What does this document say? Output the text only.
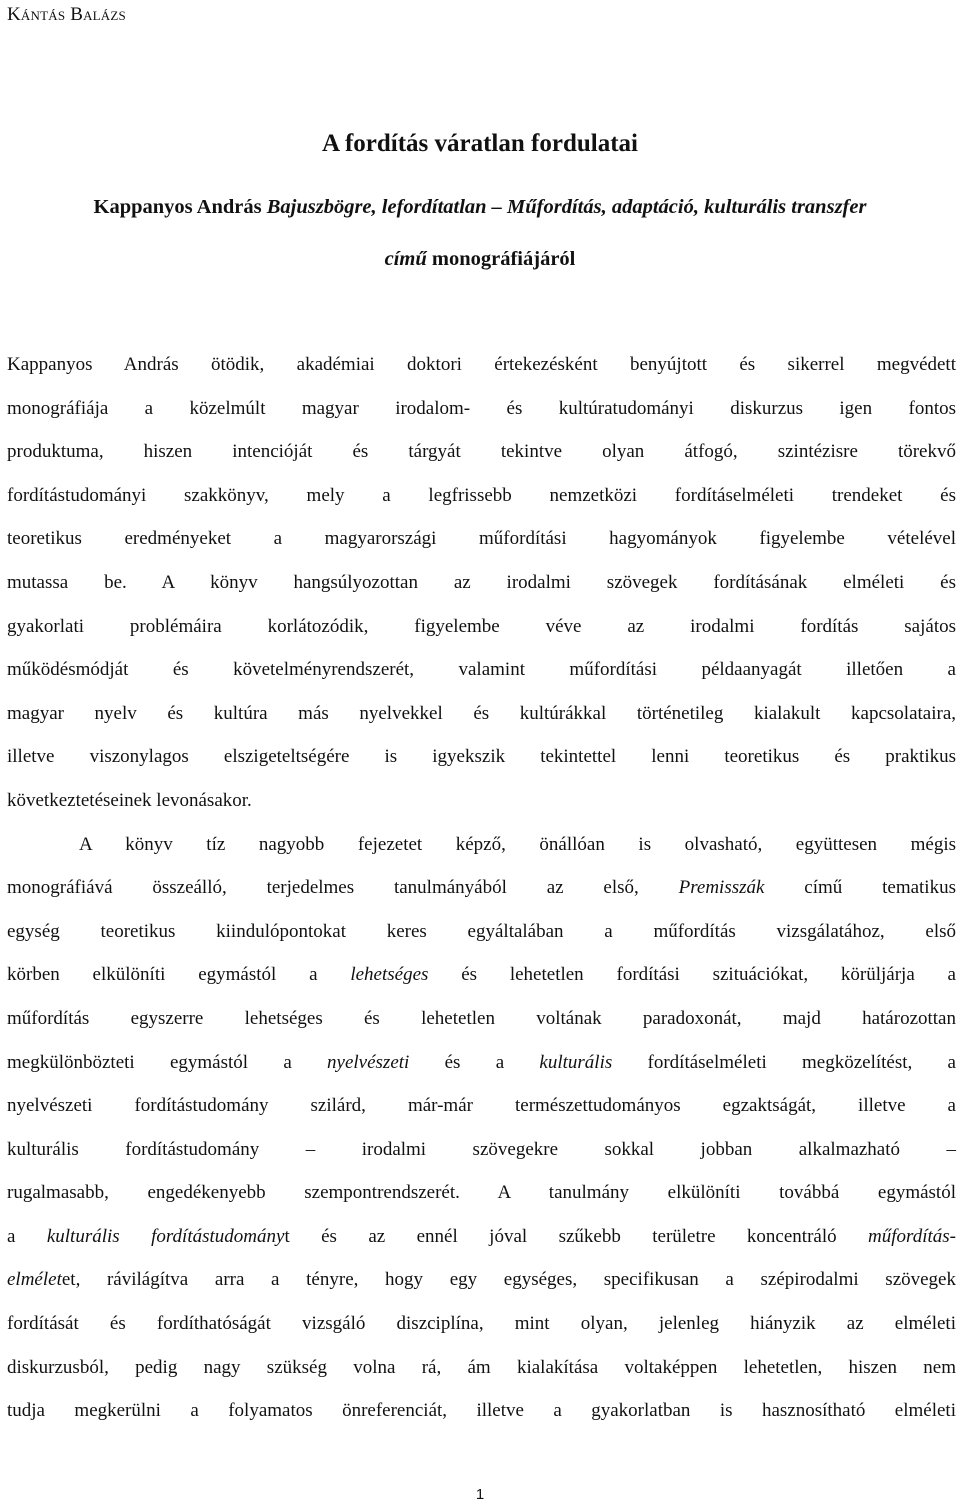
Kántás Balázs
A fordítás váratlan fordulatai
Kappanyos András Bajuszbögre, lefordítatlan – Műfordítás, adaptáció, kulturális transzfer
című monográfiájáról
Kappanyos András ötödik, akadémiai doktori értekezésként benyújtott és sikerrel megvédett
monográfiája a közelmúlt magyar irodalom- és kultúratudományi diskurzus igen fontos
produktuma, hiszen intencióját és tárgyát tekintve olyan átfogó, szintézisre törekvő
fordítástudományi szakkönyv, mely a legfrissebb nemzetközi fordításelméleti trendeket és
teoretikus eredményeket a magyarországi műfordítási hagyományok figyelembe vételével
mutassa be. A könyv hangsúlyozottan az irodalmi szövegek fordításának elméleti és
gyakorlati problémáira korlátozódik, figyelembe véve az irodalmi fordítás sajátos
működésmódját és követelményrendszerét, valamint műfordítási példaanyagát illetően a
magyar nyelv és kultúra más nyelvekkel és kultúrákkal történetileg kialakult kapcsolataira,
illetve viszonylagos elszigeteltségére is igyekszik tekintettel lenni teoretikus és praktikus
következtetéseinek levonásakor.
A könyv tíz nagyobb fejezetet képző, önállóan is olvasható, együttesen mégis
monográfiává összeálló, terjedelmes tanulmányából az első, Premisszák című tematikus
egység teoretikus kiindulópontokat keres egyáltalában a műfordítás vizsgálatához, első
körben elkülöníti egymástól a lehetséges és lehetetlen fordítási szituációkat, körüljárja a
műfordítás egyszerre lehetséges és lehetetlen voltának paradoxonát, majd határozottan
megkülönbözteti egymástól a nyelvészeti és a kulturális fordításelméleti megközelítést, a
nyelvészeti fordítástudomány szilárd, már-már természettudományos egzaktságát, illetve a
kulturális fordítástudomány – irodalmi szövegekre sokkal jobban alkalmazható –
rugalmasabb, engedékenyebb szempontrendszerét. A tanulmány elkülöníti továbbá egymástól
a kulturális fordítástudományt és az ennél jóval szűkebb területre koncentráló műfordítás-
elméletet, rávilágítva arra a tényre, hogy egy egységes, specifikusan a szépirodalmi szövegek
fordítását és fordíthatóságát vizsgáló diszciplína, mint olyan, jelenleg hiányzik az elméleti
diskurzusból, pedig nagy szükség volna rá, ám kialakítása voltaképpen lehetetlen, hiszen nem
tudja megkerülni a folyamatos önreferenciát, illetve a gyakorlatban is hasznosítható elméleti
1
